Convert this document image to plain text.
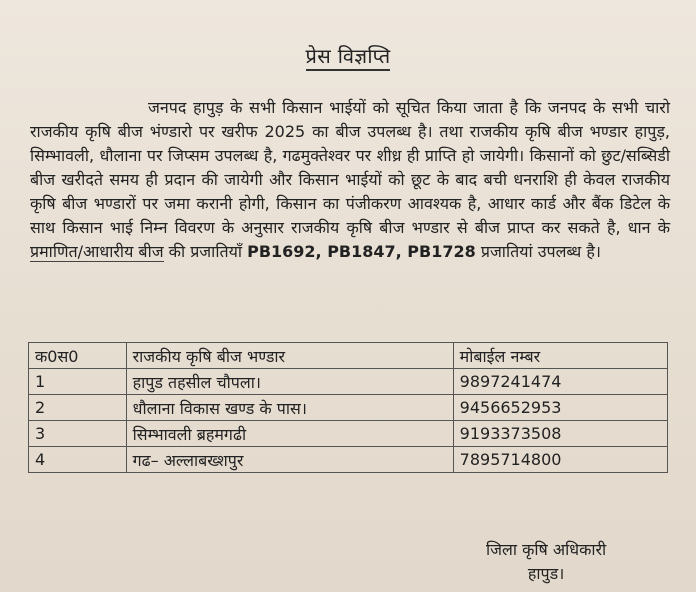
प्रेस विज्ञप्ति
जनपद हापुड़ के सभी किसान भाईयों को सूचित किया जाता है कि जनपद के सभी चारो राजकीय कृषि बीज भंण्डारो पर खरीफ 2025 का बीज उपलब्ध है। तथा राजकीय कृषि बीज भण्डार हापुड़, सिम्भावली, धौलाना पर जिप्सम उपलब्ध है, गढमुक्तेश्वर पर शीध्र ही प्राप्ति हो जायेगी। किसानों को छुट/सब्सिडी बीज खरीदते समय ही प्रदान की जायेगी और किसान भाईयों को छूट के बाद बची धनराशि ही केवल राजकीय कृषि बीज भण्डारों पर जमा करानी होगी, किसान का पंजीकरण आवश्यक है, आधार कार्ड और बैंक डिटेल के साथ किसान भाई निम्न विवरण के अनुसार राजकीय कृषि बीज भण्डार से बीज प्राप्त कर सकते है, धान के प्रमाणित/आधारीय बीज की प्रजातियाँ PB1692, PB1847, PB1728 प्रजातियां उपलब्ध है।
क0स0	राजकीय कृषि बीज भण्डार	मोबाईल नम्बर
1	हापुड तहसील चौपला।	9897241474
2	धौलाना विकास खण्ड के पास।	9456652953
3	सिम्भावली ब्रहमगढी	9193373508
4	गढ– अल्लाबख्शपुर	7895714800
जिला कृषि अधिकारी
हापुड।
